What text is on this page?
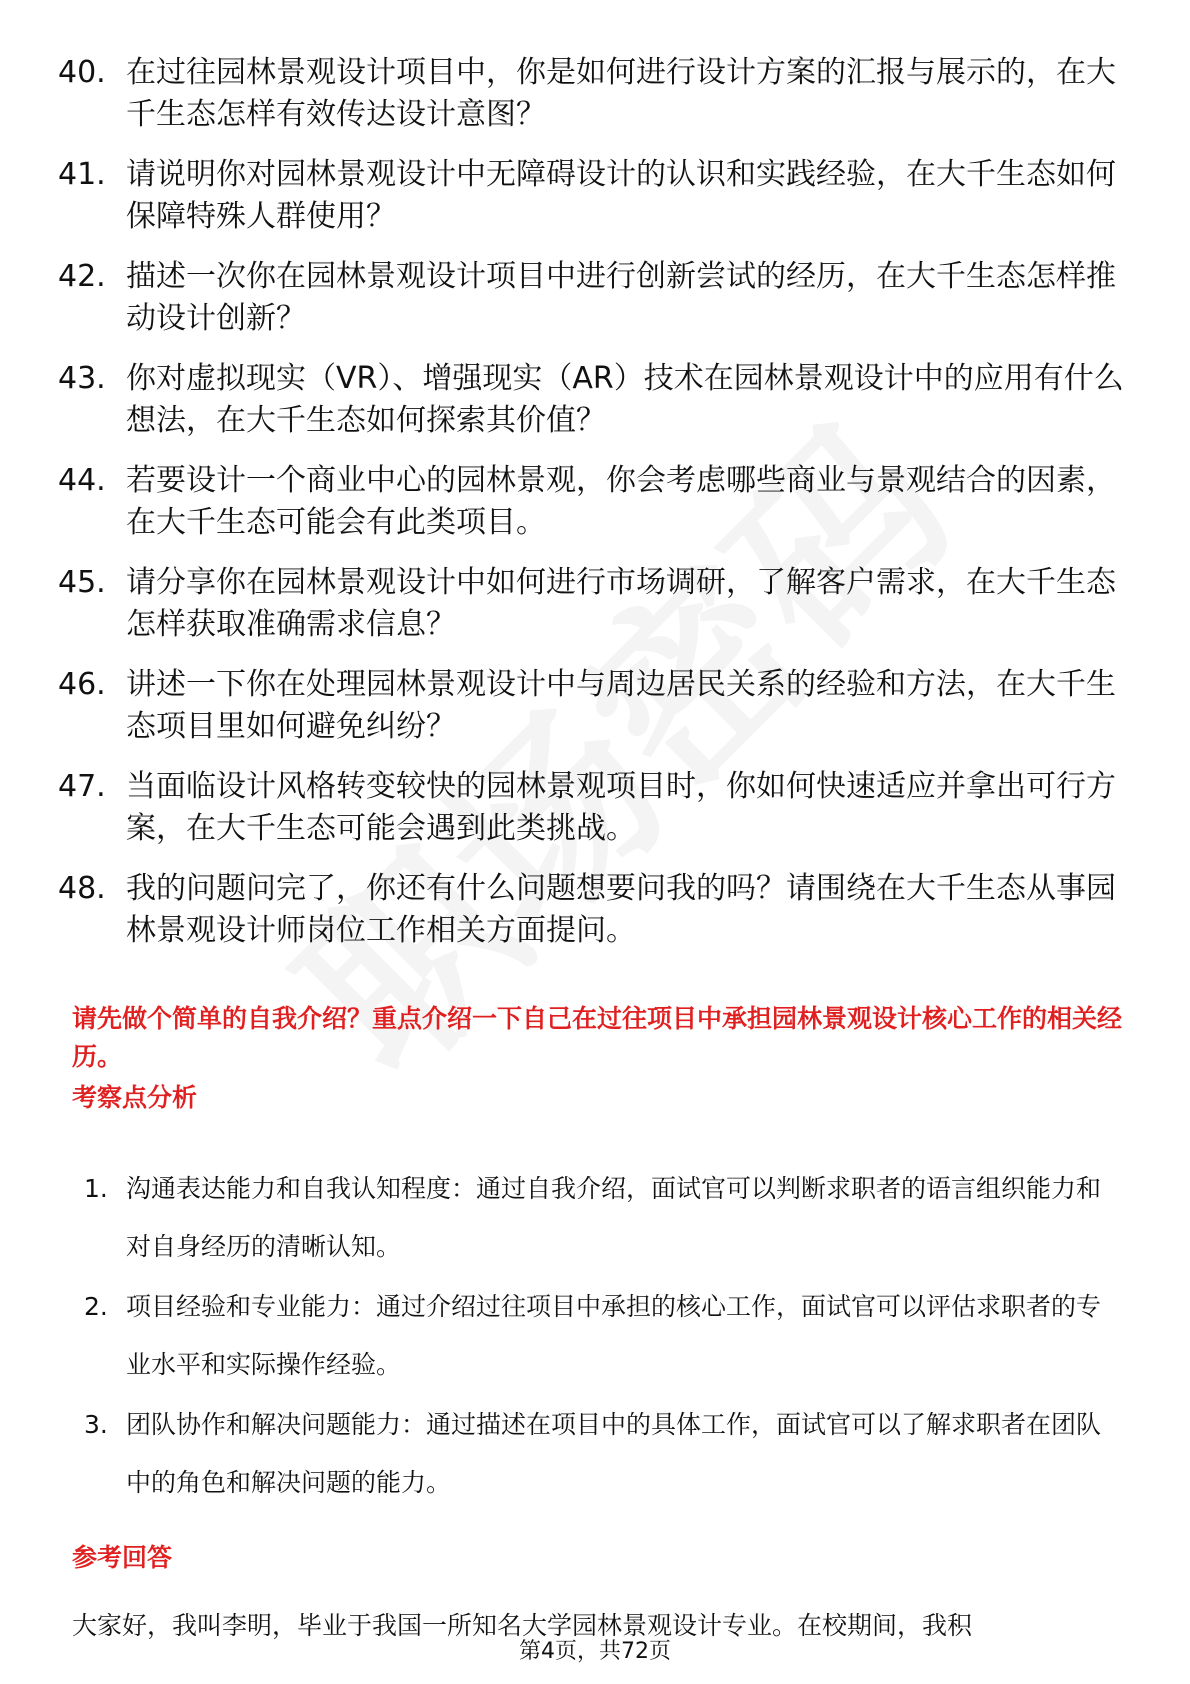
40. 在过往园林景观设计项目中，你是如何进行设计方案的汇报与展示的，在大千生态怎样有效传达设计意图？
41. 请说明你对园林景观设计中无障碍设计的认识和实践经验，在大千生态如何保障特殊人群使用？
42. 描述一次你在园林景观设计项目中进行创新尝试的经历，在大千生态怎样推动设计创新？
43. 你对虚拟现实（VR）、增强现实（AR）技术在园林景观设计中的应用有什么想法，在大千生态如何探索其价值？
44. 若要设计一个商业中心的园林景观，你会考虑哪些商业与景观结合的因素，在大千生态可能会有此类项目。
45. 请分享你在园林景观设计中如何进行市场调研，了解客户需求，在大千生态怎样获取准确需求信息？
46. 讲述一下你在处理园林景观设计中与周边居民关系的经验和方法，在大千生态项目里如何避免纠纷？
47. 当面临设计风格转变较快的园林景观项目时，你如何快速适应并拿出可行方案，在大千生态可能会遇到此类挑战。
48. 我的问题问完了，你还有什么问题想要问我的吗？请围绕在大千生态从事园林景观设计师岗位工作相关方面提问。
请先做个简单的自我介绍？重点介绍一下自己在过往项目中承担园林景观设计核心工作的相关经历。
考察点分析
1. 沟通表达能力和自我认知程度：通过自我介绍，面试官可以判断求职者的语言组织能力和对自身经历的清晰认知。
2. 项目经验和专业能力：通过介绍过往项目中承担的核心工作，面试官可以评估求职者的专业水平和实际操作经验。
3. 团队协作和解决问题能力：通过描述在项目中的具体工作，面试官可以了解求职者在团队中的角色和解决问题的能力。
参考回答
大家好，我叫李明，毕业于我国一所知名大学园林景观设计专业。在校期间，我积
第4页，共72页
